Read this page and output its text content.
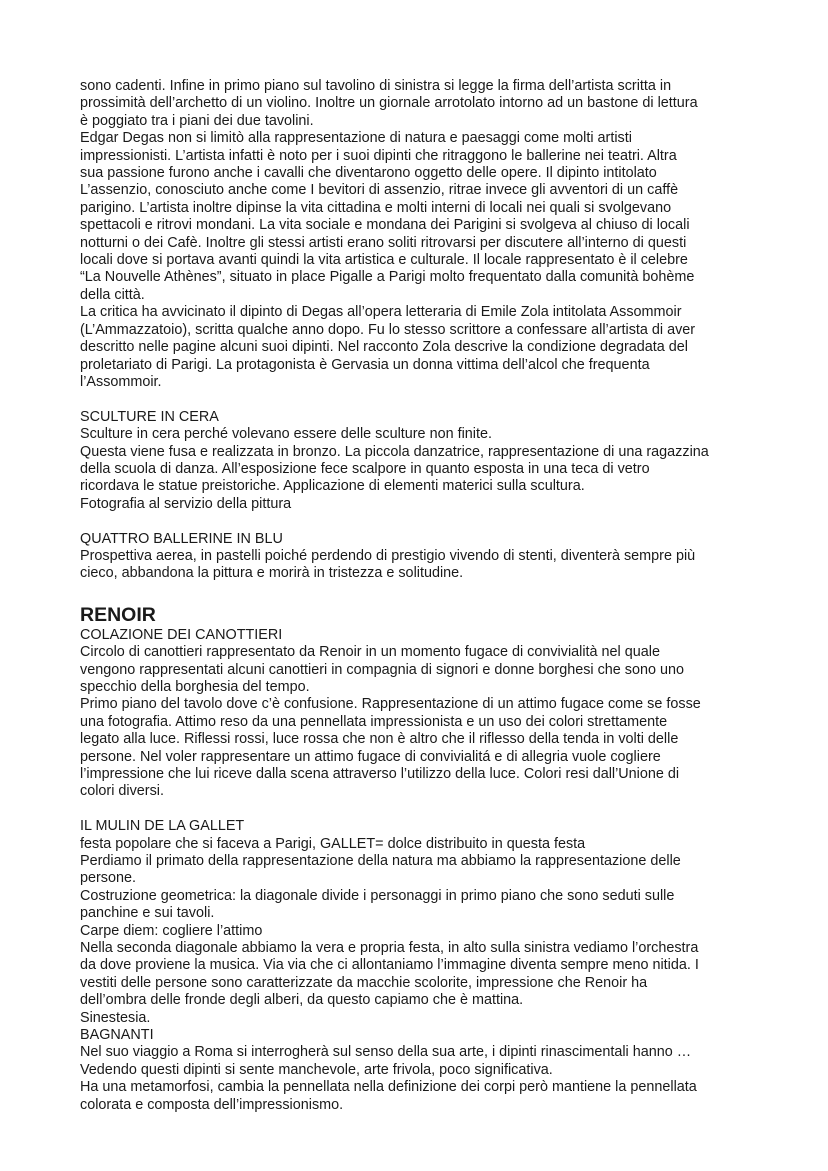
sono cadenti. Infine in primo piano sul tavolino di sinistra si legge la firma dell’artista scritta in
prossimità dell’archetto di un violino. Inoltre un giornale arrotolato intorno ad un bastone di lettura
è poggiato tra i piani dei due tavolini.

Edgar Degas non si limitò alla rappresentazione di natura e paesaggi come molti artisti
impressionisti. L’artista infatti è noto per i suoi dipinti che ritraggono le ballerine nei teatri. Altra
sua passione furono anche i cavalli che diventarono oggetto delle opere. Il dipinto intitolato
L’assenzio, conosciuto anche come I bevitori di assenzio, ritrae invece gli avventori di un caffè
parigino. L’artista inoltre dipinse la vita cittadina e molti interni di locali nei quali si svolgevano
spettacoli e ritrovi mondani. La vita sociale e mondana dei Parigini si svolgeva al chiuso di locali
notturni o dei Cafè. Inoltre gli stessi artisti erano soliti ritrovarsi per discutere all’interno di questi
locali dove si portava avanti quindi la vita artistica e culturale. Il locale rappresentato è il celebre
“La Nouvelle Athènes”, situato in place Pigalle a Parigi molto frequentato dalla comunità bohème
della città.

La critica ha avvicinato il dipinto di Degas all’opera letteraria di Emile Zola intitolata Assommoir
(L’Ammazzatoio), scritta qualche anno dopo. Fu lo stesso scrittore a confessare all’artista di aver
descritto nelle pagine alcuni suoi dipinti. Nel racconto Zola descrive la condizione degradata del
proletariato di Parigi. La protagonista è Gervasia un donna vittima dell’alcol che frequenta
l’Assommoir.

SCULTURE IN CERA

Sculture in cera perché volevano essere delle sculture non finite.
Questa viene fusa e realizzata in bronzo. La piccola danzatrice, rappresentazione di una ragazzina
della scuola di danza. All’esposizione fece scalpore in quanto esposta in una teca di vetro
ricordava le statue preistoriche. Applicazione di elementi materici sulla scultura.
Fotografia al servizio della pittura

QUATTRO BALLERINE IN BLU

Prospettiva aerea, in pastelli poiché perdendo di prestigio vivendo di stenti, diventerà sempre più
cieco, abbandona la pittura e morirà in tristezza e solitudine.

RENOIR

COLAZIONE DEI CANOTTIERI

Circolo di canottieri rappresentato da Renoir in un momento fugace di convivialità nel quale
vengono rappresentati alcuni canottieri in compagnia di signori e donne borghesi che sono uno
specchio della borghesia del tempo.

Primo piano del tavolo dove c’è confusione. Rappresentazione di un attimo fugace come se fosse
una fotografia. Attimo reso da una pennellata impressionista e un uso dei colori strettamente
legato alla luce. Riflessi rossi, luce rossa che non è altro che il riflesso della tenda in volti delle
persone. Nel voler rappresentare un attimo fugace di convivialitá e di allegria vuole cogliere
l’impressione che lui riceve dalla scena attraverso l’utilizzo della luce. Colori resi dall’Unione di
colori diversi.

IL MULIN DE LA GALLET

festa popolare che si faceva a Parigi, GALLET= dolce distribuito in questa festa

Perdiamo il primato della rappresentazione della natura ma abbiamo la rappresentazione delle
persone.

Costruzione geometrica: la diagonale divide i personaggi in primo piano che sono seduti sulle
panchine e sui tavoli.

Carpe diem: cogliere l’attimo

Nella seconda diagonale abbiamo la vera e propria festa, in alto sulla sinistra vediamo l’orchestra
da dove proviene la musica. Via via che ci allontaniamo l’immagine diventa sempre meno nitida. I
vestiti delle persone sono caratterizzate da macchie scolorite, impressione che Renoir ha
dell’ombra delle fronde degli alberi, da questo capiamo che è mattina.

Sinestesia.

BAGNANTI

Nel suo viaggio a Roma si interrogherà sul senso della sua arte, i dipinti rinascimentali hanno …
Vedendo questi dipinti si sente manchevole, arte frivola, poco significativa.

Ha una metamorfosi, cambia la pennellata nella definizione dei corpi però mantiene la pennellata
colorata e composta dell’impressionismo.
